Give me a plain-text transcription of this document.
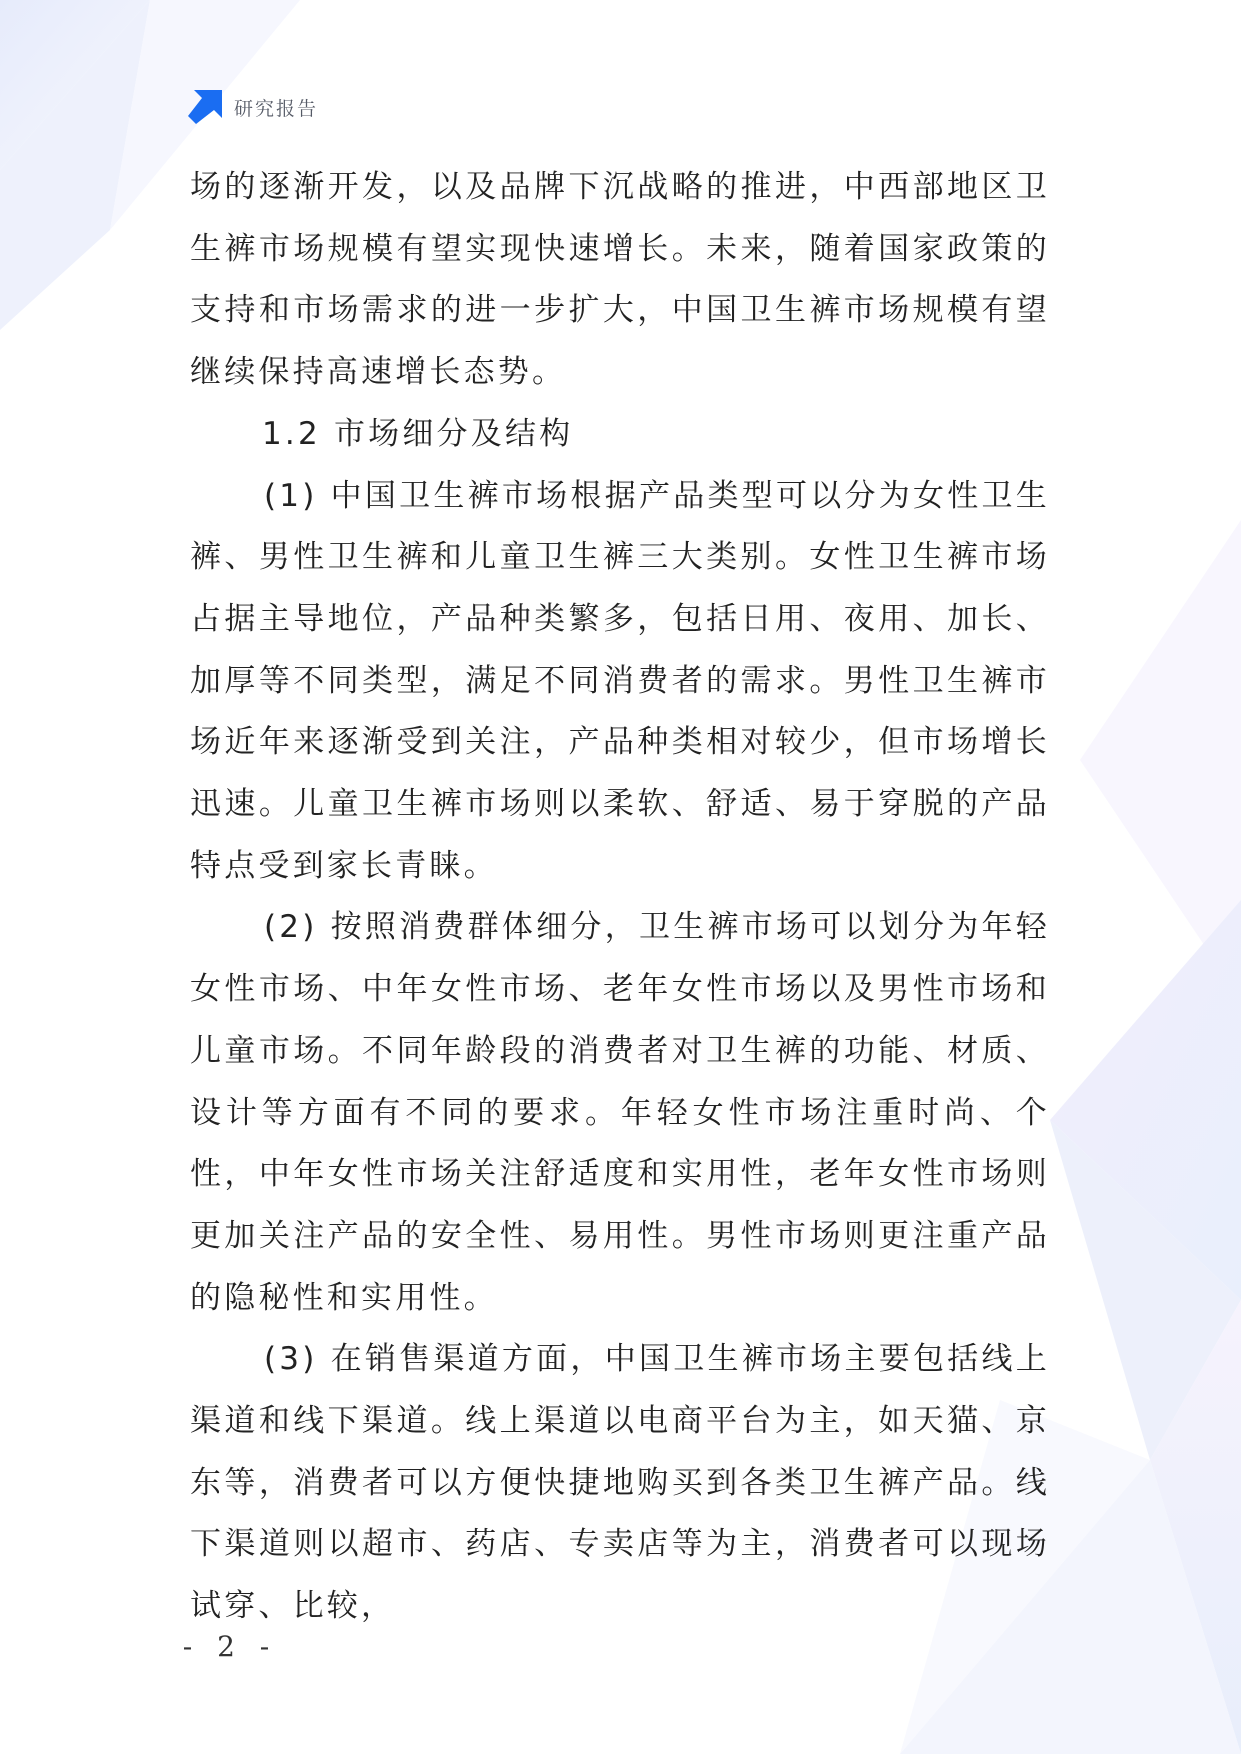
研究报告

场的逐渐开发，以及品牌下沉战略的推进，中西部地区卫生裤市场规模有望实现快速增长。未来，随着国家政策的支持和市场需求的进一步扩大，中国卫生裤市场规模有望继续保持高速增长态势。

1.2 市场细分及结构

(1) 中国卫生裤市场根据产品类型可以分为女性卫生裤、男性卫生裤和儿童卫生裤三大类别。女性卫生裤市场占据主导地位，产品种类繁多，包括日用、夜用、加长、加厚等不同类型，满足不同消费者的需求。男性卫生裤市场近年来逐渐受到关注，产品种类相对较少，但市场增长迅速。儿童卫生裤市场则以柔软、舒适、易于穿脱的产品特点受到家长青睐。

(2) 按照消费群体细分，卫生裤市场可以划分为年轻女性市场、中年女性市场、老年女性市场以及男性市场和儿童市场。不同年龄段的消费者对卫生裤的功能、材质、设计等方面有不同的要求。年轻女性市场注重时尚、个性，中年女性市场关注舒适度和实用性，老年女性市场则更加关注产品的安全性、易用性。男性市场则更注重产品的隐秘性和实用性。

(3) 在销售渠道方面，中国卫生裤市场主要包括线上渠道和线下渠道。线上渠道以电商平台为主，如天猫、京东等，消费者可以方便快捷地购买到各类卫生裤产品。线下渠道则以超市、药店、专卖店等为主，消费者可以现场试穿、比较，

- 2 -
